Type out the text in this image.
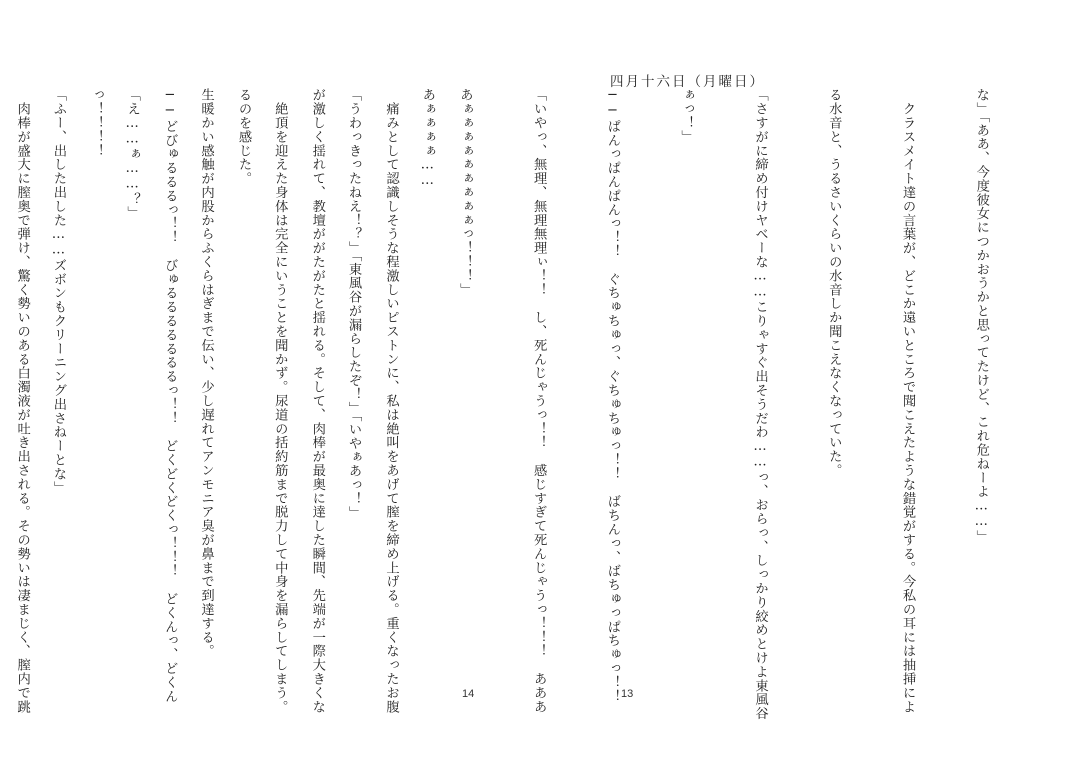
あぁぁぁぁ……

「うわっきったねえ！？」「東風谷が漏らしたぞ！」「いやぁあっ！」

　絶頂を迎えた身体は完全にいうことを聞かず。尿道の括約筋まで脱力して中身を漏らしてしまう。

生暖かい感触が内股からふくらはぎまで伝い、少し遅れてアンモニア臭が鼻まで到達する。

「え……ぁ……？」

「ふー、出した出した……ズボンもクリーニング出さねーとな」

14
四月十六日（月曜日）

な」「ああ、今度彼女につかおうかと思ってたけど、これ危ねーよ……」

　クラスメイト達の言葉が、どこか遠いところで聞こえたような錯覚がする。今私の耳には抽挿によ

る水音と、うるさいくらいの水音しか聞こえなくなっていた。

「さすがに締め付けヤベーな……こりゃすぐ出そうだわ……っ、おらっ、しっかり絞めとけよ東風谷

ぁっ！」

──ぱんっぱんぱんっ！！　ぐちゅちゅっ、ぐちゅちゅっ！！　ばちんっ、ばちゅっぱちゅっ！！

「いやっ、無理、無理無理ぃ！！　し、死んじゃうっ！！　感じすぎて死んじゃうっ！！！　あああ

あぁぁぁぁぁぁぁぁぁっ！！！」

　痛みとして認識しそうな程激しいピストンに、私は絶叫をあげて膣を締め上げる。重くなったお腹

が激しく揺れて、教壇ががたがたと揺れる。そして、肉棒が最奥に達した瞬間、先端が一際大きくな

るのを感じた。

──どびゅるるるっ！！　びゅるるるるるるるっ！！　どくどくどくっ！！！　どくんっ、どくん

っ！！！！

　肉棒が盛大に膣奥で弾け、驚く勢いのある白濁液が吐き出される。その勢いは凄まじく、膣内で跳

	13
